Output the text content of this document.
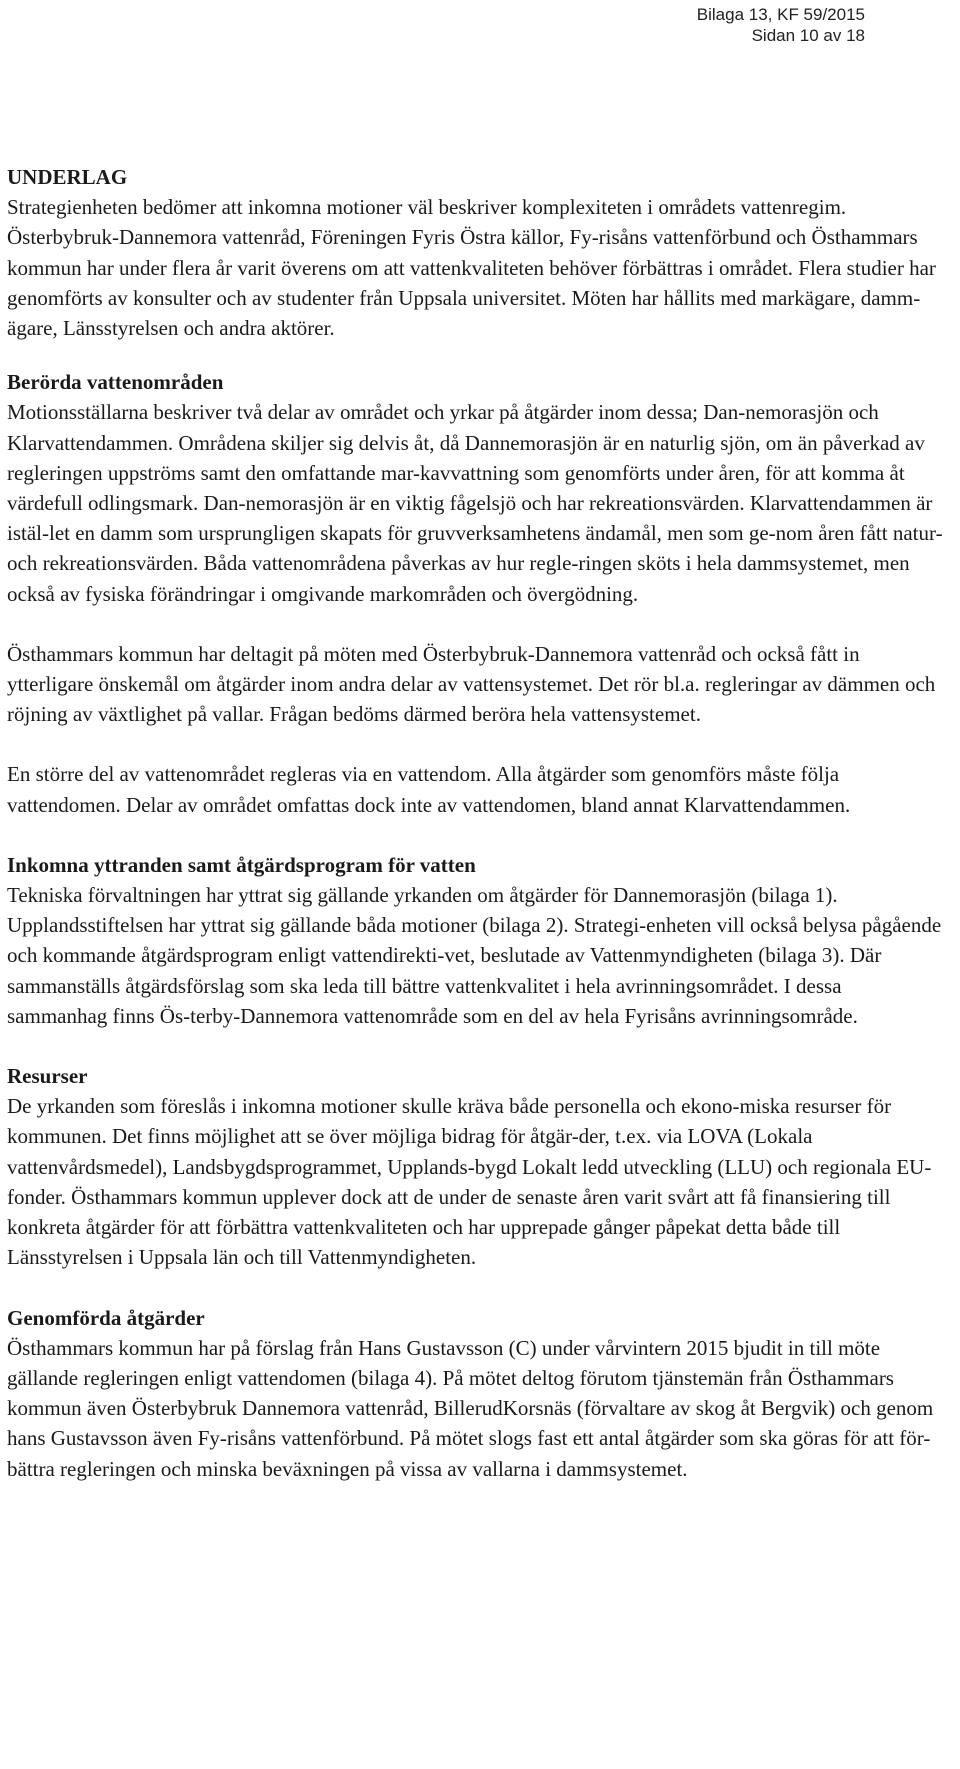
Bilaga 13, KF 59/2015
Sidan 10 av 18
UNDERLAG

Strategienheten bedömer att inkomna motioner väl beskriver komplexiteten i områdets vattenregim. Österbybruk-Dannemora vattenråd, Föreningen Fyris Östra källor, Fy-risåns vattenförbund och Östhammars kommun har under flera år varit överens om att vattenkvaliteten behöver förbättras i området. Flera studier har genomförts av konsulter och av studenter från Uppsala universitet. Möten har hållits med markägare, damm-ägare, Länsstyrelsen och andra aktörer.

Berörda vattenområden

Motionsställarna beskriver två delar av området och yrkar på åtgärder inom dessa; Dan-nemorasjön och Klarvattendammen. Områdena skiljer sig delvis åt, då Dannemorasjön är en naturlig sjön, om än påverkad av regleringen uppströms samt den omfattande mar-kavvattning som genomförts under åren, för att komma åt värdefull odlingsmark. Dan-nemorasjön är en viktig fågelsjö och har rekreationsvärden. Klarvattendammen är istäl-let en damm som ursprungligen skapats för gruvverksamhetens ändamål, men som ge-nom åren fått natur- och rekreationsvärden. Båda vattenområdena påverkas av hur regle-ringen sköts i hela dammsystemet, men också av fysiska förändringar i omgivande markområden och övergödning.

Östhammars kommun har deltagit på möten med Österbybruk-Dannemora vattenråd och också fått in ytterligare önskemål om åtgärder inom andra delar av vattensystemet. Det rör bl.a. regleringar av dämmen och röjning av växtlighet på vallar. Frågan bedöms därmed beröra hela vattensystemet.

En större del av vattenområdet regleras via en vattendom. Alla åtgärder som genomförs måste följa vattendomen. Delar av området omfattas dock inte av vattendomen, bland annat Klarvattendammen.

Inkomna yttranden samt åtgärdsprogram för vatten

Tekniska förvaltningen har yttrat sig gällande yrkanden om åtgärder för Dannemorasjön (bilaga 1). Upplandsstiftelsen har yttrat sig gällande båda motioner (bilaga 2). Strategi-enheten vill också belysa pågående och kommande åtgärdsprogram enligt vattendirekti-vet, beslutade av Vattenmyndigheten (bilaga 3). Där sammanställs åtgärdsförslag som ska leda till bättre vattenkvalitet i hela avrinningsområdet. I dessa sammanhag finns Ös-terby-Dannemora vattenområde som en del av hela Fyrisåns avrinningsområde.

Resurser

De yrkanden som föreslås i inkomna motioner skulle kräva både personella och ekono-miska resurser för kommunen. Det finns möjlighet att se över möjliga bidrag för åtgär-der, t.ex. via LOVA (Lokala vattenvårdsmedel), Landsbygdsprogrammet, Upplands-bygd Lokalt ledd utveckling (LLU) och regionala EU-fonder. Östhammars kommun upplever dock att de under de senaste åren varit svårt att få finansiering till konkreta åtgärder för att förbättra vattenkvaliteten och har upprepade gånger påpekat detta både till Länsstyrelsen i Uppsala län och till Vattenmyndigheten.

Genomförda åtgärder

Östhammars kommun har på förslag från Hans Gustavsson (C) under vårvintern 2015 bjudit in till möte gällande regleringen enligt vattendomen (bilaga 4). På mötet deltog förutom tjänstemän från Östhammars kommun även Österbybruk Dannemora vattenråd, BillerudKorsnäs (förvaltare av skog åt Bergvik) och genom hans Gustavsson även Fy-risåns vattenförbund. På mötet slogs fast ett antal åtgärder som ska göras för att för-bättra regleringen och minska beväxningen på vissa av vallarna i dammsystemet.
